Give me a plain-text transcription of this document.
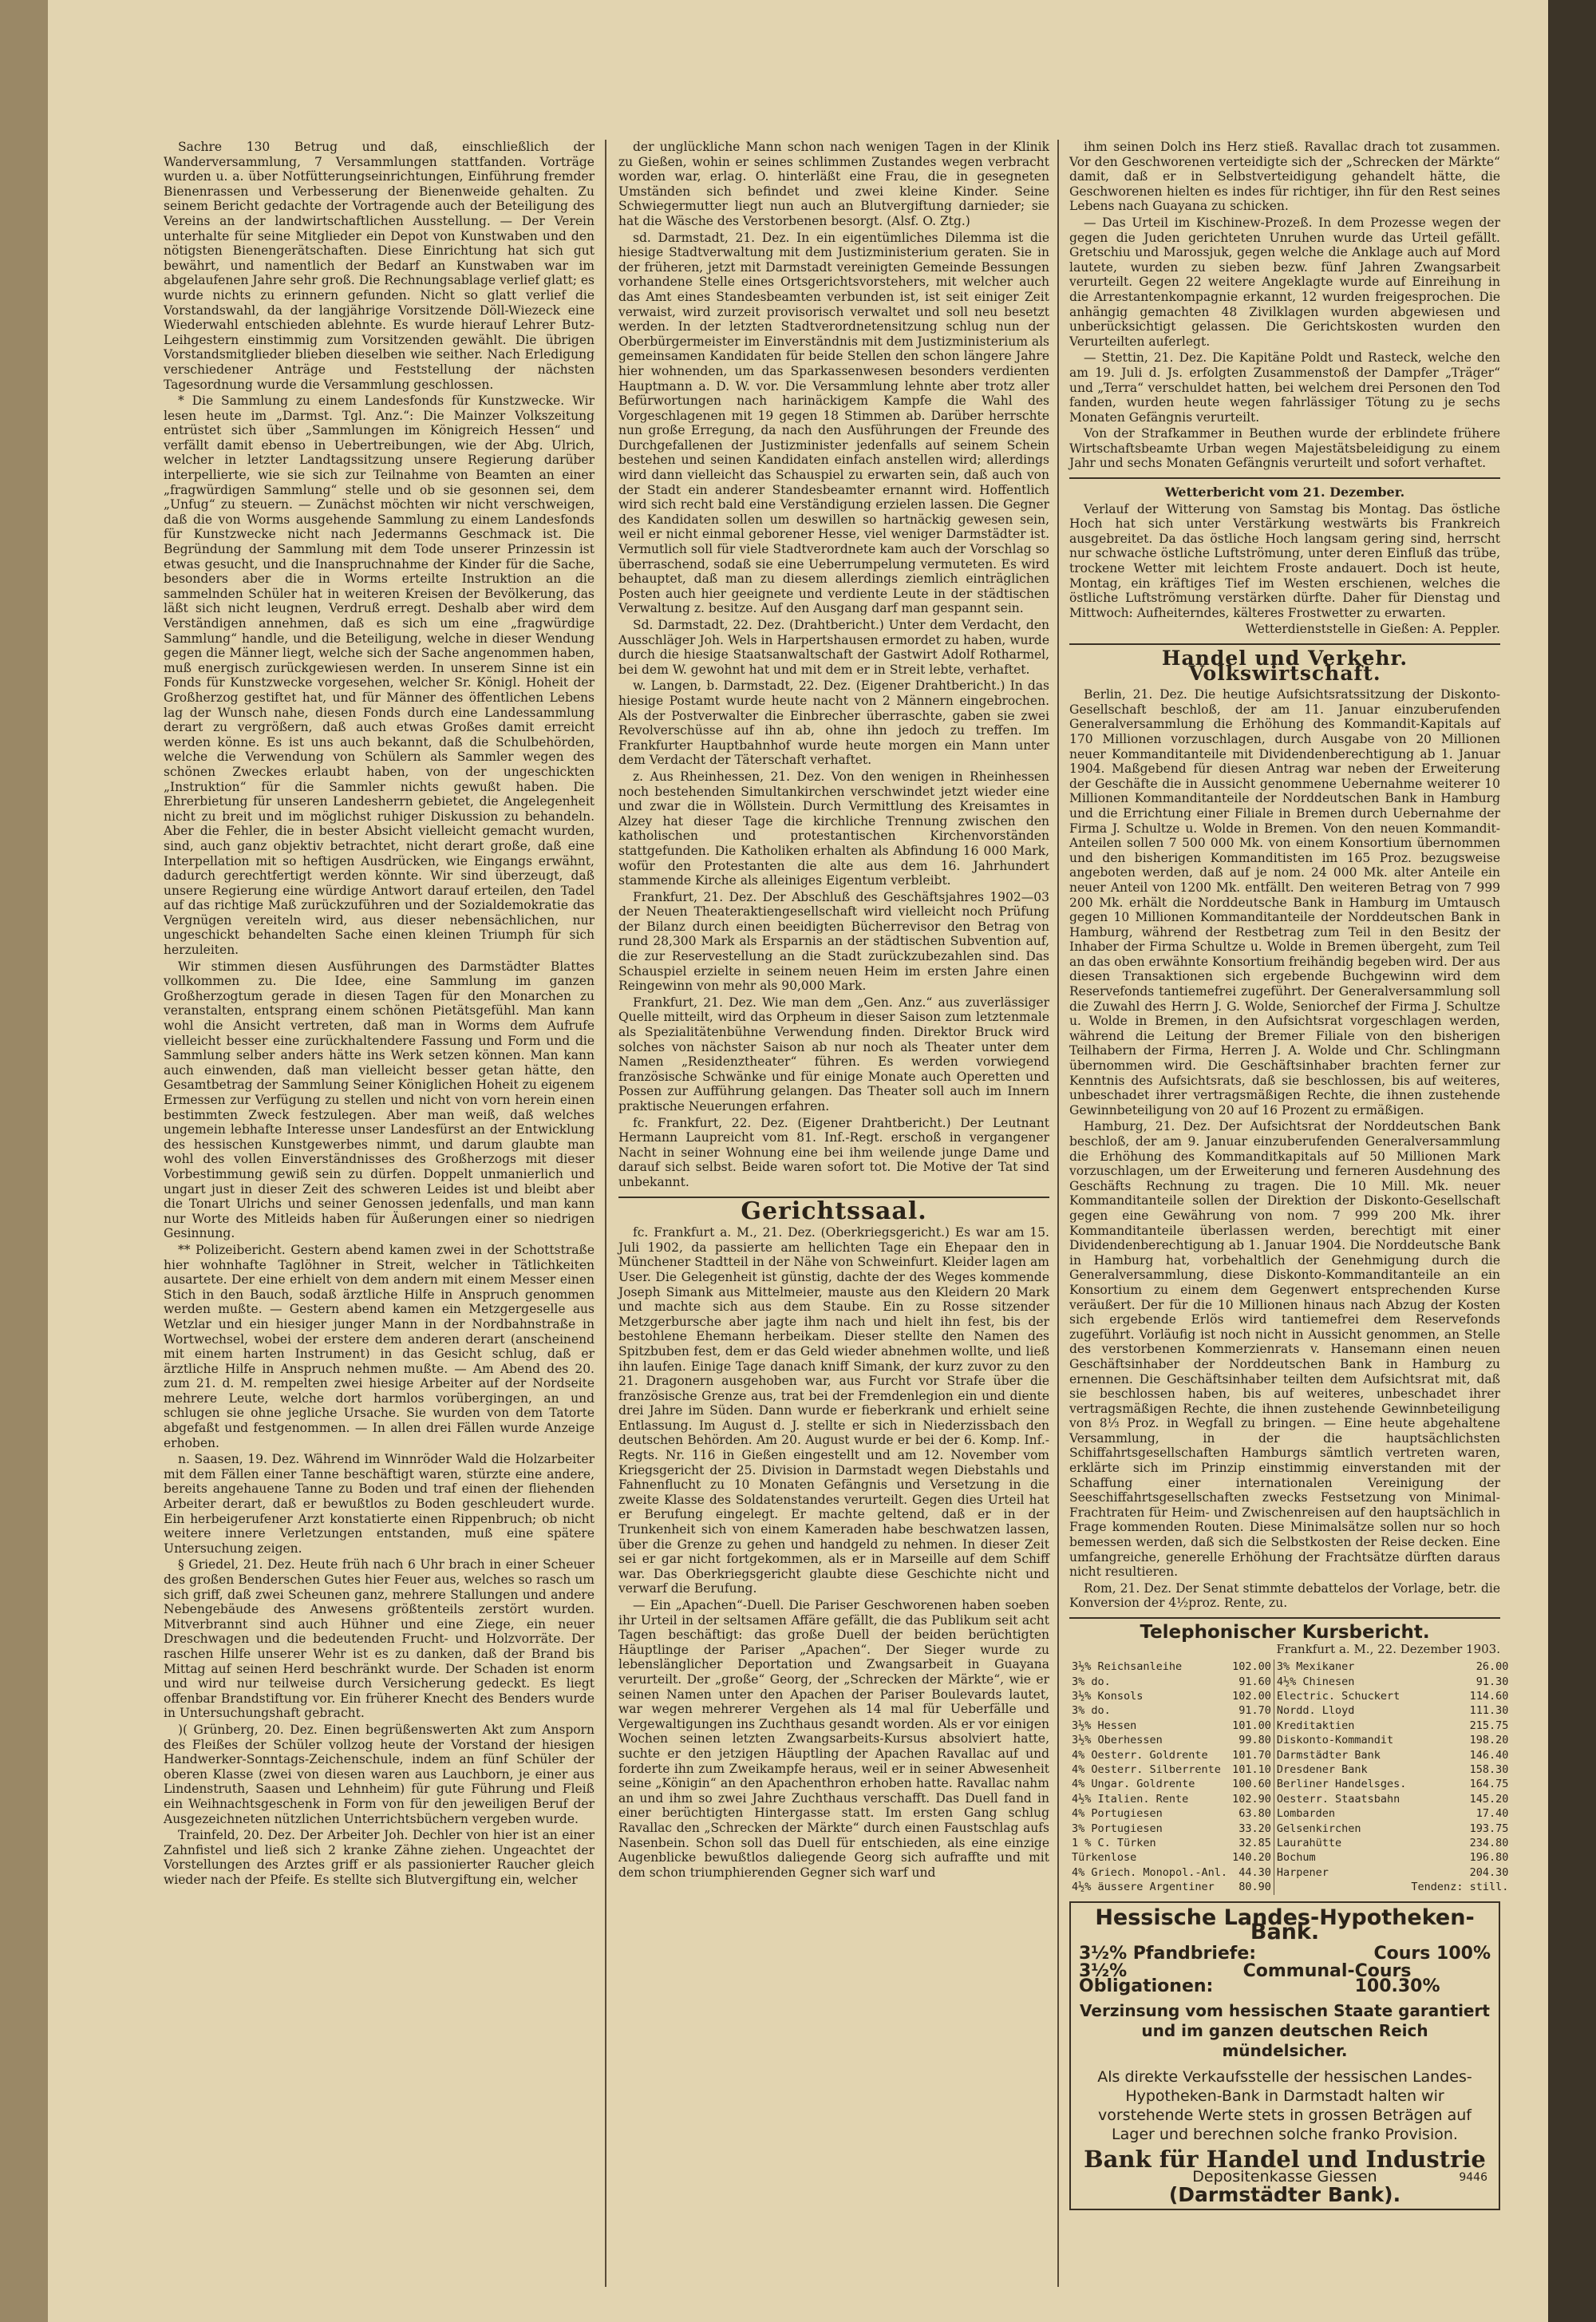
Sachre 130 Betrug und daß, einschließlich der Wanderversammlung, 7 Versammlungen stattfanden. Vorträge wurden u. a. über Notfütterungseinrichtungen, Einführung fremder Bienenrassen und Verbesserung der Bienenweide gehalten. Zu seinem Bericht gedachte der Vortragende auch der Beteiligung des Vereins an der landwirtschaftlichen Ausstellung. — Der Verein unterhalte für seine Mitglieder ein Depot von Kunstwaben und den nötigsten Bienengerätschaften. Diese Einrichtung hat sich gut bewährt, und namentlich der Bedarf an Kunstwaben war im abgelaufenen Jahre sehr groß. Die Rechnungsablage verlief glatt; es wurde nichts zu erinnern gefunden. Nicht so glatt verlief die Vorstandswahl, da der langjährige Vorsitzende Döll-Wiezeck eine Wiederwahl entschieden ablehnte. Es wurde hierauf Lehrer Butz-Leihgestern einstimmig zum Vorsitzenden gewählt. Die übrigen Vorstandsmitglieder blieben dieselben wie seither. Nach Erledigung verschiedener Anträge und Feststellung der nächsten Tagesordnung wurde die Versammlung geschlossen.

* Die Sammlung zu einem Landesfonds für Kunstzwecke. Wir lesen heute im „Darmst. Tgl. Anz.“: Die Mainzer Volkszeitung entrüstet sich über „Sammlungen im Königreich Hessen“ und verfällt damit ebenso in Uebertreibungen, wie der Abg. Ulrich, welcher in letzter Landtagssitzung unsere Regierung darüber interpellierte, wie sie sich zur Teilnahme von Beamten an einer „fragwürdigen Sammlung“ stelle und ob sie gesonnen sei, dem „Unfug“ zu steuern. — Zunächst möchten wir nicht verschweigen, daß die von Worms ausgehende Sammlung zu einem Landesfonds für Kunstzwecke nicht nach Jedermanns Geschmack ist. Die Begründung der Sammlung mit dem Tode unserer Prinzessin ist etwas gesucht, und die Inanspruchnahme der Kinder für die Sache, besonders aber die in Worms erteilte Instruktion an die sammelnden Schüler hat in weiteren Kreisen der Bevölkerung, das läßt sich nicht leugnen, Verdruß erregt. Deshalb aber wird dem Verständigen annehmen, daß es sich um eine „fragwürdige Sammlung“ handle, und die Beteiligung, welche in dieser Wendung gegen die Männer liegt, welche sich der Sache angenommen haben, muß energisch zurückgewiesen werden. In unserem Sinne ist ein Fonds für Kunstzwecke vorgesehen, welcher Sr. Königl. Hoheit der Großherzog gestiftet hat, und für Männer des öffentlichen Lebens lag der Wunsch nahe, diesen Fonds durch eine Landessammlung derart zu vergrößern, daß auch etwas Großes damit erreicht werden könne. Es ist uns auch bekannt, daß die Schulbehörden, welche die Verwendung von Schülern als Sammler wegen des schönen Zweckes erlaubt haben, von der ungeschickten „Instruktion“ für die Sammler nichts gewußt haben. Die Ehrerbietung für unseren Landesherrn gebietet, die Angelegenheit nicht zu breit und im möglichst ruhiger Diskussion zu behandeln. Aber die Fehler, die in bester Absicht vielleicht gemacht wurden, sind, auch ganz objektiv betrachtet, nicht derart große, daß eine Interpellation mit so heftigen Ausdrücken, wie Eingangs erwähnt, dadurch gerechtfertigt werden könnte. Wir sind überzeugt, daß unsere Regierung eine würdige Antwort darauf erteilen, den Tadel auf das richtige Maß zurückzuführen und der Sozialdemokratie das Vergnügen vereiteln wird, aus dieser nebensächlichen, nur ungeschickt behandelten Sache einen kleinen Triumph für sich herzuleiten.

Wir stimmen diesen Ausführungen des Darmstädter Blattes vollkommen zu. Die Idee, eine Sammlung im ganzen Großherzogtum gerade in diesen Tagen für den Monarchen zu veranstalten, entsprang einem schönen Pietätsgefühl. Man kann wohl die Ansicht vertreten, daß man in Worms dem Aufrufe vielleicht besser eine zurückhaltendere Fassung und Form und die Sammlung selber anders hätte ins Werk setzen können. Man kann auch einwenden, daß man vielleicht besser getan hätte, den Gesamtbetrag der Sammlung Seiner Königlichen Hoheit zu eigenem Ermessen zur Verfügung zu stellen und nicht von vorn herein einen bestimmten Zweck festzulegen. Aber man weiß, daß welches ungemein lebhafte Interesse unser Landesfürst an der Entwicklung des hessischen Kunstgewerbes nimmt, und darum glaubte man wohl des vollen Einverständnisses des Großherzogs mit dieser Vorbestimmung gewiß sein zu dürfen. Doppelt unmanierlich und ungart just in dieser Zeit des schweren Leides ist und bleibt aber die Tonart Ulrichs und seiner Genossen jedenfalls, und man kann nur Worte des Mitleids haben für Äußerungen einer so niedrigen Gesinnung.

** Polizeibericht. Gestern abend kamen zwei in der Schottstraße hier wohnhafte Taglöhner in Streit, welcher in Tätlichkeiten ausartete. Der eine erhielt von dem andern mit einem Messer einen Stich in den Bauch, sodaß ärztliche Hilfe in Anspruch genommen werden mußte. — Gestern abend kamen ein Metzgergeselle aus Wetzlar und ein hiesiger junger Mann in der Nordbahnstraße in Wortwechsel, wobei der erstere dem anderen derart (anscheinend mit einem harten Instrument) in das Gesicht schlug, daß er ärztliche Hilfe in Anspruch nehmen mußte. — Am Abend des 20. zum 21. d. M. rempelten zwei hiesige Arbeiter auf der Nordseite mehrere Leute, welche dort harmlos vorübergingen, an und schlugen sie ohne jegliche Ursache. Sie wurden von dem Tatorte abgefaßt und festgenommen. — In allen drei Fällen wurde Anzeige erhoben.

n. Saasen, 19. Dez. Während im Winnröder Wald die Holzarbeiter mit dem Fällen einer Tanne beschäftigt waren, stürzte eine andere, bereits angehauene Tanne zu Boden und traf einen der fliehenden Arbeiter derart, daß er bewußtlos zu Boden geschleudert wurde. Ein herbeigerufener Arzt konstatierte einen Rippenbruch; ob nicht weitere innere Verletzungen entstanden, muß eine spätere Untersuchung zeigen.

§ Griedel, 21. Dez. Heute früh nach 6 Uhr brach in einer Scheuer des großen Benderschen Gutes hier Feuer aus, welches so rasch um sich griff, daß zwei Scheunen ganz, mehrere Stallungen und andere Nebengebäude des Anwesens größtenteils zerstört wurden. Mitverbrannt sind auch Hühner und eine Ziege, ein neuer Dreschwagen und die bedeutenden Frucht- und Holzvorräte. Der raschen Hilfe unserer Wehr ist es zu danken, daß der Brand bis Mittag auf seinen Herd beschränkt wurde. Der Schaden ist enorm und wird nur teilweise durch Versicherung gedeckt. Es liegt offenbar Brandstiftung vor. Ein früherer Knecht des Benders wurde in Untersuchungshaft gebracht.

)( Grünberg, 20. Dez. Einen begrüßenswerten Akt zum Ansporn des Fleißes der Schüler vollzog heute der Vorstand der hiesigen Handwerker-Sonntags-Zeichenschule, indem an fünf Schüler der oberen Klasse (zwei von diesen waren aus Lauchborn, je einer aus Lindenstruth, Saasen und Lehnheim) für gute Führung und Fleiß ein Weihnachtsgeschenk in Form von für den jeweiligen Beruf der Ausgezeichneten nützlichen Unterrichtsbüchern vergeben wurde.

Trainfeld, 20. Dez. Der Arbeiter Joh. Dechler von hier ist an einer Zahnfistel und ließ sich 2 kranke Zähne ziehen. Ungeachtet der Vorstellungen des Arztes griff er als passionierter Raucher gleich wieder nach der Pfeife. Es stellte sich Blutvergiftung ein, welcher

der unglückliche Mann schon nach wenigen Tagen in der Klinik zu Gießen, wohin er seines schlimmen Zustandes wegen verbracht worden war, erlag. O. hinterläßt eine Frau, die in gesegneten Umständen sich befindet und zwei kleine Kinder. Seine Schwiegermutter liegt nun auch an Blutvergiftung darnieder; sie hat die Wäsche des Verstorbenen besorgt. (Alsf. O. Ztg.)

sd. Darmstadt, 21. Dez. In ein eigentümliches Dilemma ist die hiesige Stadtverwaltung mit dem Justizministerium geraten. Sie in der früheren, jetzt mit Darmstadt vereinigten Gemeinde Bessungen vorhandene Stelle eines Ortsgerichtsvorstehers, mit welcher auch das Amt eines Standesbeamten verbunden ist, ist seit einiger Zeit verwaist, wird zurzeit provisorisch verwaltet und soll neu besetzt werden. In der letzten Stadtverordnetensitzung schlug nun der Oberbürgermeister im Einverständnis mit dem Justizministerium als gemeinsamen Kandidaten für beide Stellen den schon längere Jahre hier wohnenden, um das Sparkassenwesen besonders verdienten Hauptmann a. D. W. vor. Die Versammlung lehnte aber trotz aller Befürwortungen nach harinäckigem Kampfe die Wahl des Vorgeschlagenen mit 19 gegen 18 Stimmen ab. Darüber herrschte nun große Erregung, da nach den Ausführungen der Freunde des Durchgefallenen der Justizminister jedenfalls auf seinem Schein bestehen und seinen Kandidaten einfach anstellen wird; allerdings wird dann vielleicht das Schauspiel zu erwarten sein, daß auch von der Stadt ein anderer Standesbeamter ernannt wird. Hoffentlich wird sich recht bald eine Verständigung erzielen lassen. Die Gegner des Kandidaten sollen um deswillen so hartnäckig gewesen sein, weil er nicht einmal geborener Hesse, viel weniger Darmstädter ist. Vermutlich soll für viele Stadtverordnete kam auch der Vorschlag so überraschend, sodaß sie eine Ueberrumpelung vermuteten. Es wird behauptet, daß man zu diesem allerdings ziemlich einträglichen Posten auch hier geeignete und verdiente Leute in der städtischen Verwaltung z. besitze. Auf den Ausgang darf man gespannt sein.

Sd. Darmstadt, 22. Dez. (Drahtbericht.) Unter dem Verdacht, den Ausschläger Joh. Wels in Harpertshausen ermordet zu haben, wurde durch die hiesige Staatsanwaltschaft der Gastwirt Adolf Rotharmel, bei dem W. gewohnt hat und mit dem er in Streit lebte, verhaftet.

w. Langen, b. Darmstadt, 22. Dez. (Eigener Drahtbericht.) In das hiesige Postamt wurde heute nacht von 2 Männern eingebrochen. Als der Postverwalter die Einbrecher überraschte, gaben sie zwei Revolverschüsse auf ihn ab, ohne ihn jedoch zu treffen. Im Frankfurter Hauptbahnhof wurde heute morgen ein Mann unter dem Verdacht der Täterschaft verhaftet.

z. Aus Rheinhessen, 21. Dez. Von den wenigen in Rheinhessen noch bestehenden Simultankirchen verschwindet jetzt wieder eine und zwar die in Wöllstein. Durch Vermittlung des Kreisamtes in Alzey hat dieser Tage die kirchliche Trennung zwischen den katholischen und protestantischen Kirchenvorständen stattgefunden. Die Katholiken erhalten als Abfindung 16 000 Mark, wofür den Protestanten die alte aus dem 16. Jahrhundert stammende Kirche als alleiniges Eigentum verbleibt.

Frankfurt, 21. Dez. Der Abschluß des Geschäftsjahres 1902—03 der Neuen Theateraktiengesellschaft wird vielleicht noch Prüfung der Bilanz durch einen beeidigten Bücherrevisor den Betrag von rund 28,300 Mark als Ersparnis an der städtischen Subvention auf, die zur Reservestellung an die Stadt zurückzubezahlen sind. Das Schauspiel erzielte in seinem neuen Heim im ersten Jahre einen Reingewinn von mehr als 90,000 Mark.

Frankfurt, 21. Dez. Wie man dem „Gen. Anz.“ aus zuverlässiger Quelle mitteilt, wird das Orpheum in dieser Saison zum letztenmale als Spezialitätenbühne Verwendung finden. Direktor Bruck wird solches von nächster Saison ab nur noch als Theater unter dem Namen „Residenztheater“ führen. Es werden vorwiegend französische Schwänke und für einige Monate auch Operetten und Possen zur Aufführung gelangen. Das Theater soll auch im Innern praktische Neuerungen erfahren.

fc. Frankfurt, 22. Dez. (Eigener Drahtbericht.) Der Leutnant Hermann Laupreicht vom 81. Inf.-Regt. erschoß in vergangener Nacht in seiner Wohnung eine bei ihm weilende junge Dame und darauf sich selbst. Beide waren sofort tot. Die Motive der Tat sind unbekannt.

Gerichtssaal.

fc. Frankfurt a. M., 21. Dez. (Oberkriegsgericht.) Es war am 15. Juli 1902, da passierte am hellichten Tage ein Ehepaar den in Münchener Stadtteil in der Nähe von Schweinfurt. Kleider lagen am User. Die Gelegenheit ist günstig, dachte der des Weges kommende Joseph Simank aus Mittelmeier, mauste aus den Kleidern 20 Mark und machte sich aus dem Staube. Ein zu Rosse sitzender Metzgerbursche aber jagte ihm nach und hielt ihn fest, bis der bestohlene Ehemann herbeikam. Dieser stellte den Namen des Spitzbuben fest, dem er das Geld wieder abnehmen wollte, und ließ ihn laufen. Einige Tage danach kniff Simank, der kurz zuvor zu den 21. Dragonern ausgehoben war, aus Furcht vor Strafe über die französische Grenze aus, trat bei der Fremdenlegion ein und diente drei Jahre im Süden. Dann wurde er fieberkrank und erhielt seine Entlassung. Im August d. J. stellte er sich in Niederzissbach den deutschen Behörden. Am 20. August wurde er bei der 6. Komp. Inf.-Regts. Nr. 116 in Gießen eingestellt und am 12. November vom Kriegsgericht der 25. Division in Darmstadt wegen Diebstahls und Fahnenflucht zu 10 Monaten Gefängnis und Versetzung in die zweite Klasse des Soldatenstandes verurteilt. Gegen dies Urteil hat er Berufung eingelegt. Er machte geltend, daß er in der Trunkenheit sich von einem Kameraden habe beschwatzen lassen, über die Grenze zu gehen und handgeld zu nehmen. In dieser Zeit sei er gar nicht fortgekommen, als er in Marseille auf dem Schiff war. Das Oberkriegsgericht glaubte diese Geschichte nicht und verwarf die Berufung.

— Ein „Apachen“-Duell. Die Pariser Geschworenen haben soeben ihr Urteil in der seltsamen Affäre gefällt, die das Publikum seit acht Tagen beschäftigt: das große Duell der beiden berüchtigten Häuptlinge der Pariser „Apachen“. Der Sieger wurde zu lebenslänglicher Deportation und Zwangsarbeit in Guayana verurteilt. Der „große“ Georg, der „Schrecken der Märkte“, wie er seinen Namen unter den Apachen der Pariser Boulevards lautet, war wegen mehrerer Vergehen als 14 mal für Ueberfälle und Vergewaltigungen ins Zuchthaus gesandt worden. Als er vor einigen Wochen seinen letzten Zwangsarbeits-Kursus absolviert hatte, suchte er den jetzigen Häuptling der Apachen Ravallac auf und forderte ihn zum Zweikampfe heraus, weil er in seiner Abwesenheit seine „Königin“ an den Apachenthron erhoben hatte. Ravallac nahm an und ihm so zwei Jahre Zuchthaus verschafft. Das Duell fand in einer berüchtigten Hintergasse statt. Im ersten Gang schlug Ravallac den „Schrecken der Märkte“ durch einen Faustschlag aufs Nasenbein. Schon soll das Duell für entschieden, als eine einzige Augenblicke bewußtlos daliegende Georg sich aufraffte und mit dem schon triumphierenden Gegner sich warf und

ihm seinen Dolch ins Herz stieß. Ravallac drach tot zusammen. Vor den Geschworenen verteidigte sich der „Schrecken der Märkte“ damit, daß er in Selbstverteidigung gehandelt hätte, die Geschworenen hielten es indes für richtiger, ihn für den Rest seines Lebens nach Guayana zu schicken.

— Das Urteil im Kischinew-Prozeß. In dem Prozesse wegen der gegen die Juden gerichteten Unruhen wurde das Urteil gefällt. Gretschiu und Marossjuk, gegen welche die Anklage auch auf Mord lautete, wurden zu sieben bezw. fünf Jahren Zwangsarbeit verurteilt. Gegen 22 weitere Angeklagte wurde auf Einreihung in die Arrestantenkompagnie erkannt, 12 wurden freigesprochen. Die anhängig gemachten 48 Zivilklagen wurden abgewiesen und unberücksichtigt gelassen. Die Gerichtskosten wurden den Verurteilten auferlegt.

— Stettin, 21. Dez. Die Kapitäne Poldt und Rasteck, welche den am 19. Juli d. Js. erfolgten Zusammenstoß der Dampfer „Träger“ und „Terra“ verschuldet hatten, bei welchem drei Personen den Tod fanden, wurden heute wegen fahrlässiger Tötung zu je sechs Monaten Gefängnis verurteilt.

Von der Strafkammer in Beuthen wurde der erblindete frühere Wirtschaftsbeamte Urban wegen Majestätsbeleidigung zu einem Jahr und sechs Monaten Gefängnis verurteilt und sofort verhaftet.

Wetterbericht vom 21. Dezember.

Verlauf der Witterung von Samstag bis Montag. Das östliche Hoch hat sich unter Verstärkung westwärts bis Frankreich ausgebreitet. Da das östliche Hoch langsam gering sind, herrscht nur schwache östliche Luftströmung, unter deren Einfluß das trübe, trockene Wetter mit leichtem Froste andauert. Doch ist heute, Montag, ein kräftiges Tief im Westen erschienen, welches die östliche Luftströmung verstärken dürfte. Daher für Dienstag und Mittwoch: Aufheiterndes, kälteres Frostwetter zu erwarten.

Wetterdienststelle in Gießen: A. Peppler.
Handel und Verkehr. Volkswirtschaft.

Berlin, 21. Dez. Die heutige Aufsichtsratssitzung der Diskonto-Gesellschaft beschloß, der am 11. Januar einzuberufenden Generalversammlung die Erhöhung des Kommandit-Kapitals auf 170 Millionen vorzuschlagen, durch Ausgabe von 20 Millionen neuer Kommanditanteile mit Dividendenberechtigung ab 1. Januar 1904. Maßgebend für diesen Antrag war neben der Erweiterung der Geschäfte die in Aussicht genommene Uebernahme weiterer 10 Millionen Kommanditanteile der Norddeutschen Bank in Hamburg und die Errichtung einer Filiale in Bremen durch Uebernahme der Firma J. Schultze u. Wolde in Bremen. Von den neuen Kommandit-Anteilen sollen 7 500 000 Mk. von einem Konsortium übernommen und den bisherigen Kommanditisten im 165 Proz. bezugsweise angeboten werden, daß auf je nom. 24 000 Mk. alter Anteile ein neuer Anteil von 1200 Mk. entfällt. Den weiteren Betrag von 7 999 200 Mk. erhält die Norddeutsche Bank in Hamburg im Umtausch gegen 10 Millionen Kommanditanteile der Norddeutschen Bank in Hamburg, während der Restbetrag zum Teil in den Besitz der Inhaber der Firma Schultze u. Wolde in Bremen übergeht, zum Teil an das oben erwähnte Konsortium freihändig begeben wird. Der aus diesen Transaktionen sich ergebende Buchgewinn wird dem Reservefonds tantiemefrei zugeführt. Der Generalversammlung soll die Zuwahl des Herrn J. G. Wolde, Seniorchef der Firma J. Schultze u. Wolde in Bremen, in den Aufsichtsrat vorgeschlagen werden, während die Leitung der Bremer Filiale von den bisherigen Teilhabern der Firma, Herren J. A. Wolde und Chr. Schlingmann übernommen wird. Die Geschäftsinhaber brachten ferner zur Kenntnis des Aufsichtsrats, daß sie beschlossen, bis auf weiteres, unbeschadet ihrer vertragsmäßigen Rechte, die ihnen zustehende Gewinnbeteiligung von 20 auf 16 Prozent zu ermäßigen.

Hamburg, 21. Dez. Der Aufsichtsrat der Norddeutschen Bank beschloß, der am 9. Januar einzuberufenden Generalversammlung die Erhöhung des Kommanditkapitals auf 50 Millionen Mark vorzuschlagen, um der Erweiterung und ferneren Ausdehnung des Geschäfts Rechnung zu tragen. Die 10 Mill. Mk. neuer Kommanditanteile sollen der Direktion der Diskonto-Gesellschaft gegen eine Gewährung von nom. 7 999 200 Mk. ihrer Kommanditanteile überlassen werden, berechtigt mit einer Dividendenberechtigung ab 1. Januar 1904. Die Norddeutsche Bank in Hamburg hat, vorbehaltlich der Genehmigung durch die Generalversammlung, diese Diskonto-Kommanditanteile an ein Konsortium zu einem dem Gegenwert entsprechenden Kurse veräußert. Der für die 10 Millionen hinaus nach Abzug der Kosten sich ergebende Erlös wird tantiemefrei dem Reservefonds zugeführt. Vorläufig ist noch nicht in Aussicht genommen, an Stelle des verstorbenen Kommerzienrats v. Hansemann einen neuen Geschäftsinhaber der Norddeutschen Bank in Hamburg zu ernennen. Die Geschäftsinhaber teilten dem Aufsichtsrat mit, daß sie beschlossen haben, bis auf weiteres, unbeschadet ihrer vertragsmäßigen Rechte, die ihnen zustehende Gewinnbeteiligung von 8⅓ Proz. in Wegfall zu bringen. — Eine heute abgehaltene Versammlung, in der die hauptsächlichsten Schiffahrtsgesellschaften Hamburgs sämtlich vertreten waren, erklärte sich im Prinzip einstimmig einverstanden mit der Schaffung einer internationalen Vereinigung der Seeschiffahrtsgesellschaften zwecks Festsetzung von Minimal-Frachtraten für Heim- und Zwischenreisen auf den hauptsächlich in Frage kommenden Routen. Diese Minimalsätze sollen nur so hoch bemessen werden, daß sich die Selbstkosten der Reise decken. Eine umfangreiche, generelle Erhöhung der Frachtsätze dürften daraus nicht resultieren.

Rom, 21. Dez. Der Senat stimmte debattelos der Vorlage, betr. die Konversion der 4½proz. Rente, zu.

Telephonischer Kursbericht.
Frankfurt a. M., 22. Dezember 1903.
3½% Reichsanleihe	102.00	3% Mexikaner	26.00
3% do.	91.60	4½% Chinesen	91.30
3½% Konsols	102.00	Electric. Schuckert	114.60
3% do.	91.70	Nordd. Lloyd	111.30
3½% Hessen	101.00	Kreditaktien	215.75
3½% Oberhessen	99.80	Diskonto-Kommandit	198.20
4% Oesterr. Goldrente	101.70	Darmstädter Bank	146.40
4% Oesterr. Silberrente	101.10	Dresdener Bank	158.30
4% Ungar. Goldrente	100.60	Berliner Handelsges.	164.75
4½% Italien. Rente	102.90	Oesterr. Staatsbahn	145.20
4% Portugiesen	63.80	Lombarden	17.40
3% Portugiesen	33.20	Gelsenkirchen	193.75
1 % C. Türken	32.85	Laurahütte	234.80
Türkenlose	140.20	Bochum	196.80
4% Griech. Monopol.-Anl.	44.30	Harpener	204.30
4½% äussere Argentiner	80.90		Tendenz: still.
Hessische Landes-Hypotheken-Bank.
3½% Pfandbriefe:	Cours 100%
3½% Communal-Obligationen:
Cours 100.30%
Verzinsung vom hessischen Staate garantiert und im ganzen deutschen Reich mündelsicher.
Als direkte Verkaufsstelle der hessischen Landes-Hypotheken-Bank in Darmstadt halten wir vorstehende Werte stets in grossen Beträgen auf Lager und berechnen solche franko Provision.
Bank für Handel und Industrie
Depositenkasse Giessen
(Darmstädter Bank).
9446
